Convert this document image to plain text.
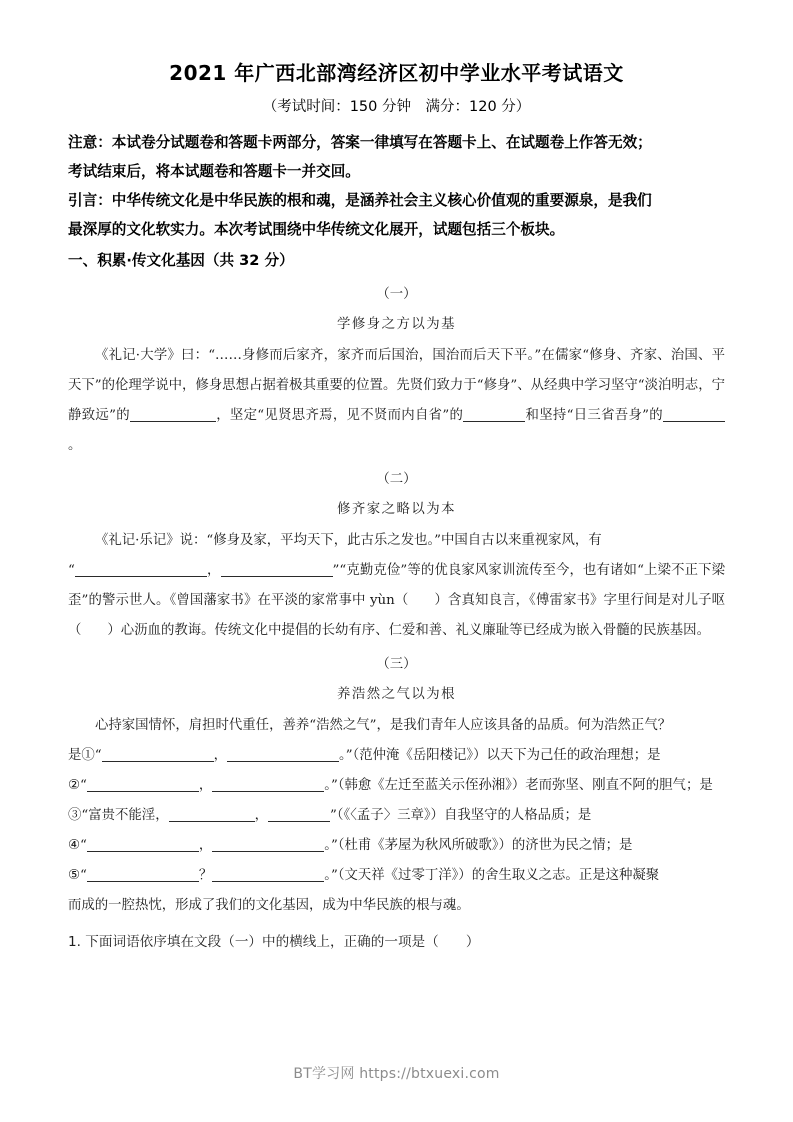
2021 年广西北部湾经济区初中学业水平考试语文
（考试时间：150 分钟　满分：120 分）

注意：本试卷分试题卷和答题卡两部分，答案一律填写在答题卡上、在试题卷上作答无效；

考试结束后，将本试题卷和答题卡一并交回。

引言：中华传统文化是中华民族的根和魂，是涵养社会主义核心价值观的重要源泉，是我们

最深厚的文化软实力。本次考试围绕中华传统文化展开，试题包括三个板块。

一、积累·传文化基因（共 32 分）
（一）
学修身之方以为基

《礼记·大学》曰：“……身修而后家齐，家齐而后国治，国治而后天下平。”在儒家“修身、齐家、治国、平天下”的伦理学说中，修身思想占据着极其重要的位置。先贤们致力于“修身”、从经典中学习坚守“淡泊明志，宁静致远”的	，坚定“见贤思齐焉，见不贤而内自省”的	和坚持“日三省吾身”的。

（二）
修齐家之略以为本

《礼记·乐记》说：“修身及家，平均天下，此古乐之发也。”中国自古以来重视家风，有

“	，	”“克勤克俭”等的优良家风家训流传至今，也有诸如“上梁不正下梁歪”的警示世人。《曾国藩家书》在平淡的家常事中 yùn（ ）含真知良言，《傅雷家书》字里行间是对儿子呕（ ）心沥血的教诲。传统文化中提倡的长幼有序、仁爱和善、礼义廉耻等已经成为嵌入骨髓的民族基因。

（三）
养浩然之气以为根

心持家国情怀，肩担时代重任，善养“浩然之气”，是我们青年人应该具备的品质。何为浩然正气？

是①“	，	。”（范仲淹《岳阳楼记》）以天下为己任的政治理想；是

②“	，	。”（韩愈《左迁至蓝关示侄孙湘》）老而弥坚、刚直不阿的胆气；是

③“富贵不能淫，	，	”（《〈孟子〉三章》）自我坚守的人格品质；是

④“	，	。”（杜甫《茅屋为秋风所破歌》）的济世为民之情；是

⑤“	？	。”（文天祥《过零丁洋》）的舍生取义之志。正是这种凝聚

而成的一腔热忱，形成了我们的文化基因，成为中华民族的根与魂。

1. 下面词语依序填在文段（一）中的横线上，正确的一项是（　　）
BT学习网 https://btxuexi.com
